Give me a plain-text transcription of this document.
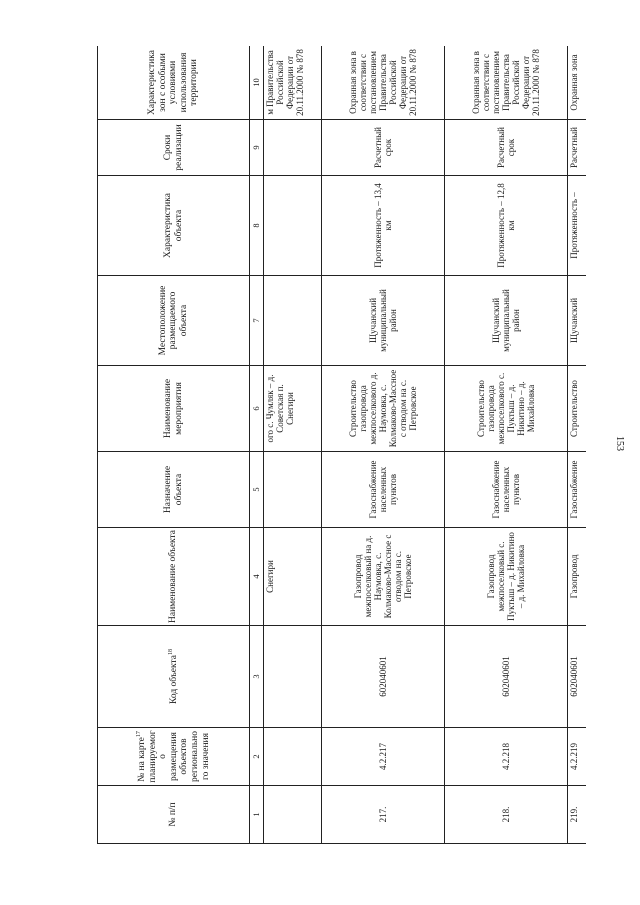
153
№ п/п	№ на карте$^{17}$ планируемого размещения объектов регионального значения	Код объекта$^{18}$	Наименование объекта	Назначение объекта	Наименование мероприятия	Местоположение размещаемого объекта	Характеристика объекта	Сроки реализации	Характеристика зон с особыми условиями использования территории
1	2	3	4	5	6	7	8	9	10
			Снегири		ого с. Чумляк – д. Советская п. Снегири				м Правительства Российской Федерации от 20.11.2000 № 878
217.	4.2.217	602040601	Газопровод межпоселковый на д. Наумовка, с. Колмаково-Массное с отводом на с. Петровское	Газоснабжение населенных пунктов	Строительство газопровода межпоселкового д. Наумовка, с. Колмаково-Массное с отводом на с. Петровское	Щучанский муниципальный район	Протяженность – 13,4 км	Расчетный срок	Охранная зона в соответствии с постановлением Правительства Российской Федерации от 20.11.2000 № 878
218.	4.2.218	602040601	Газопровод межпоселковый с. Пуктыш – д. Никитино – д. Михайловка	Газоснабжение населенных пунктов	Строительство газопровода межпоселкового с. Пуктыш – д. Никитино – д. Михайловка	Щучанский муниципальный район	Протяженность – 12,8 км	Расчетный срок	Охранная зона в соответствии с постановлением Правительства Российской Федерации от 20.11.2000 № 878
219.	4.2.219	602040601	Газопровод	Газоснабжение	Строительство	Щучанский	Протяженность –	Расчетный	Охранная зона
